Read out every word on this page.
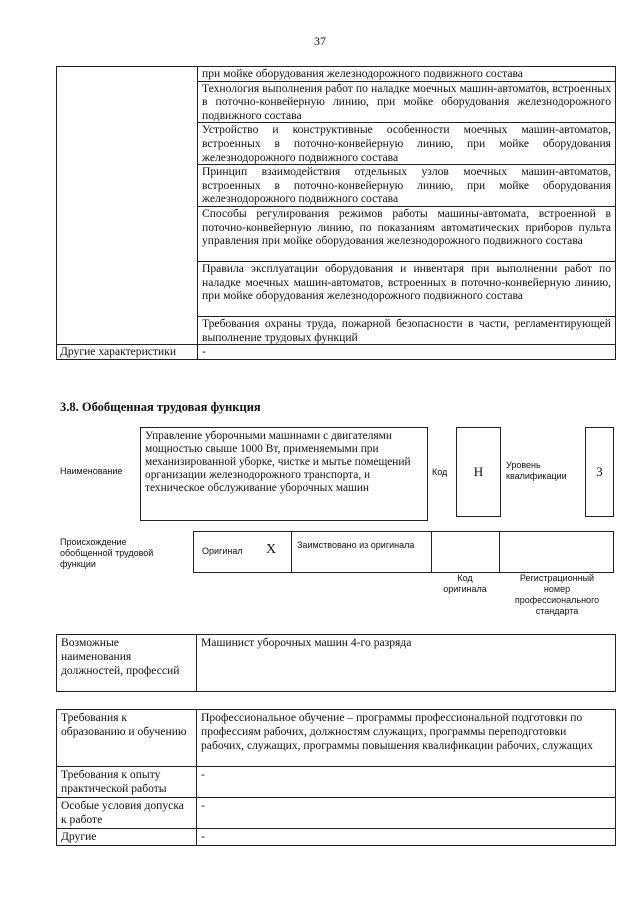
37
	при мойке оборудования железнодорожного подвижного состава
	Технология выполнения работ по наладке моечных машин-автоматов, встроенных в поточно-конвейерную линию, при мойке оборудования железнодорожного подвижного состава
	Устройство и конструктивные особенности моечных машин-автоматов, встроенных в поточно-конвейерную линию, при мойке оборудования железнодорожного подвижного состава
	Принцип взаимодействия отдельных узлов моечных машин-автоматов, встроенных в поточно-конвейерную линию, при мойке оборудования железнодорожного подвижного состава
	Способы регулирования режимов работы машины-автомата, встроенной в поточно-конвейерную линию, по показаниям автоматических приборов пульта управления при мойке оборудования железнодорожного подвижного состава
	Правила эксплуатации оборудования и инвентаря при выполнении работ по наладке моечных машин-автоматов, встроенных в поточно-конвейерную линию, при мойке оборудования железнодорожного подвижного состава
	Требования охраны труда, пожарной безопасности в части, регламентирующей выполнение трудовых функций
Другие характеристики	-
3.8. Обобщенная трудовая функция
Наименование
Управление уборочными машинами с двигателями мощностью свыше 1000 Вт, применяемыми при механизированной уборке, чистке и мытье помещений организации железнодорожного транспорта, и техническое обслуживание уборочных машин
Код	H	Уровень квалификации	3
Происхождение обобщенной трудовой функции
Оригинал X Заимствовано из оригинала
Код оригинала
Регистрационный номер профессионального стандарта
Возможные наименования должностей, профессий	Машинист уборочных машин 4-го разряда
Требования к образованию и обучению	Профессиональное обучение – программы профессиональной подготовки по профессиям рабочих, должностям служащих, программы переподготовки рабочих, служащих, программы повышения квалификации рабочих, служащих
Требования к опыту практической работы	-
Особые условия допуска к работе	-
Другие	-
